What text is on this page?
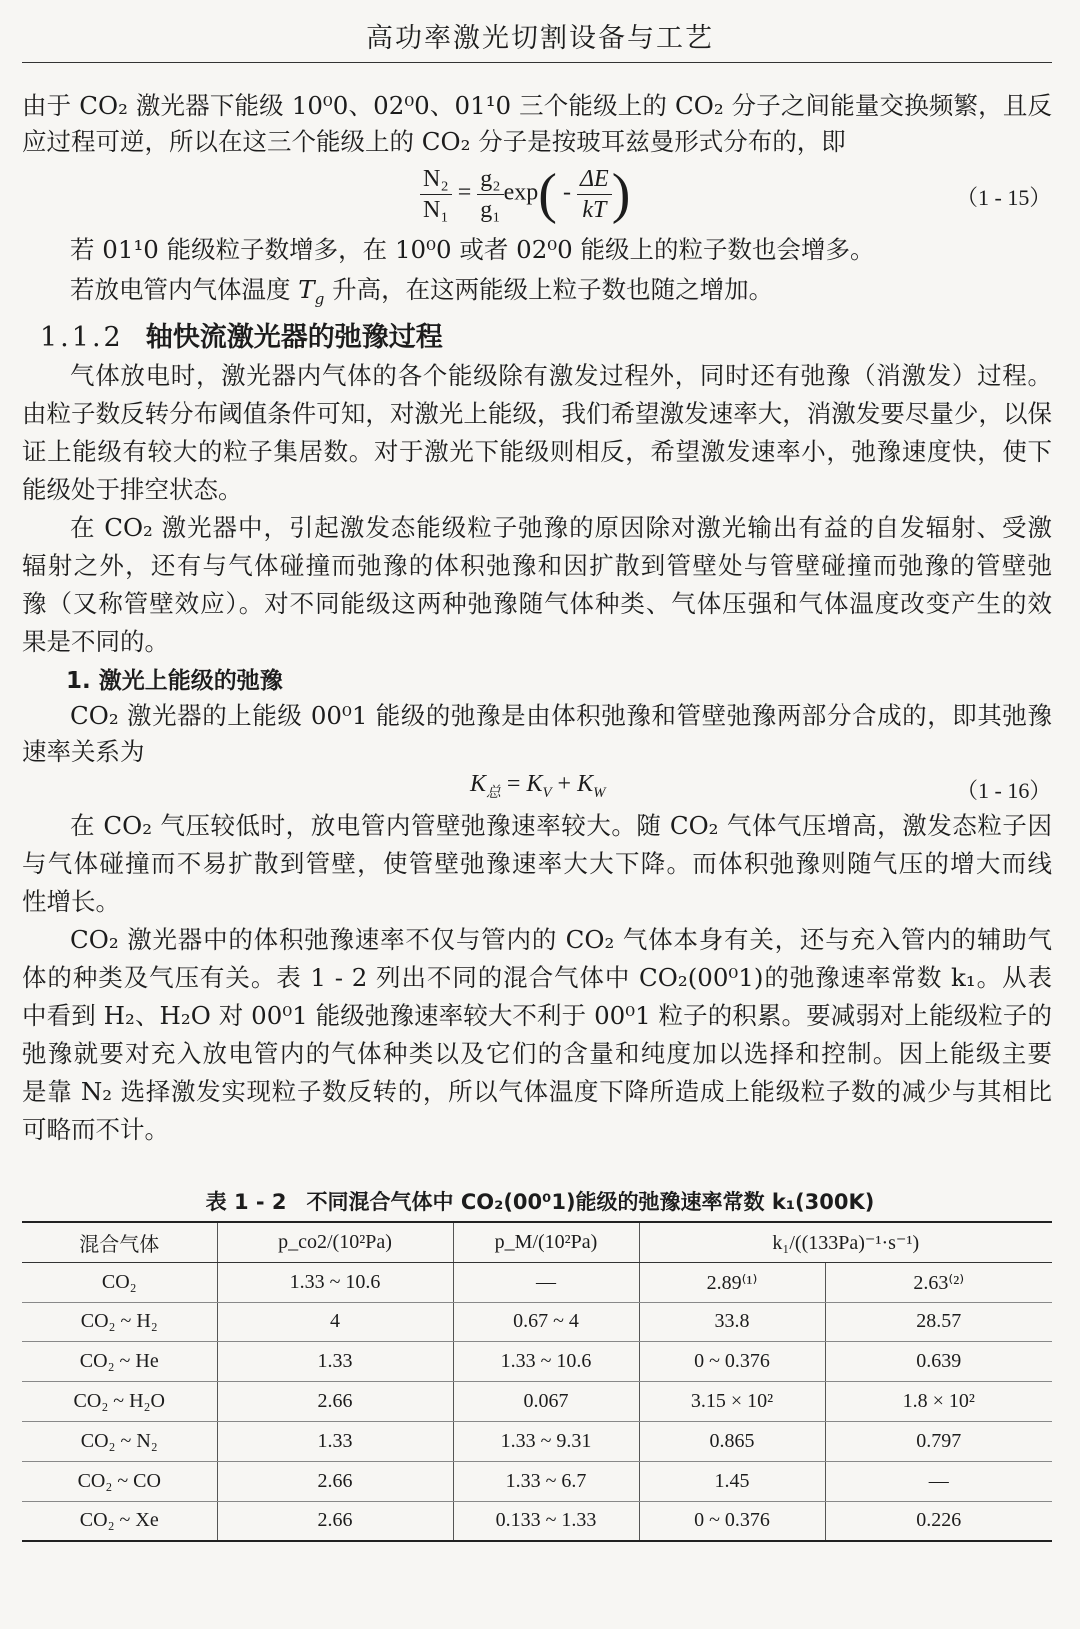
高功率激光切割设备与工艺
由于 CO₂ 激光器下能级 10⁰0、02⁰0、01¹0 三个能级上的 CO₂ 分子之间能量交换频繁，且反
应过程可逆，所以在这三个能级上的 CO₂ 分子是按玻耳兹曼形式分布的，即
$\frac{\text{N₂}}{\text{N₁}} = \frac{\text{g₂}}{\text{g₁}} \exp( - \frac{\Delta E}{kT}$ )	（1 - 15）
若 01¹0 能级粒子数增多，在 10⁰0 或者 02⁰0 能级上的粒子数也会增多。
若放电管内气体温度 $T_g$ 升高，在这两能级上粒子数也随之增加。
1.1.2 轴快流激光器的弛豫过程
气体放电时，激光器内气体的各个能级除有激发过程外，同时还有弛豫（消激发）过程。
由粒子数反转分布阈值条件可知，对激光上能级，我们希望激发速率大，消激发要尽量少，以保
证上能级有较大的粒子集居数。对于激光下能级则相反，希望激发速率小，弛豫速度快，使下
能级处于排空状态。
在 CO₂ 激光器中，引起激发态能级粒子弛豫的原因除对激光输出有益的自发辐射、受激
辐射之外，还有与气体碰撞而弛豫的体积弛豫和因扩散到管壁处与管壁碰撞而弛豫的管壁弛
豫（又称管壁效应）。对不同能级这两种弛豫随气体种类、气体压强和气体温度改变产生的效
果是不同的。
1. 激光上能级的弛豫
CO₂ 激光器的上能级 00⁰1 能级的弛豫是由体积弛豫和管壁弛豫两部分合成的，即其弛豫
速率关系为
$K_总 = K_V + K_W$	（1 - 16）
在 CO₂ 气压较低时，放电管内管壁弛豫速率较大。随 CO₂ 气体气压增高，激发态粒子因
与气体碰撞而不易扩散到管壁，使管壁弛豫速率大大下降。而体积弛豫则随气压的增大而线
性增长。
CO₂ 激光器中的体积弛豫速率不仅与管内的 CO₂ 气体本身有关，还与充入管内的辅助气
体的种类及气压有关。表 1 - 2 列出不同的混合气体中 CO₂(00⁰1)的弛豫速率常数 k₁。从表
中看到 H₂、H₂O 对 00⁰1 能级弛豫速率较大不利于 00⁰1 粒子的积累。要减弱对上能级粒子的
弛豫就要对充入放电管内的气体种类以及它们的含量和纯度加以选择和控制。因上能级主要
是靠 N₂ 选择激发实现粒子数反转的，所以气体温度下降所造成上能级粒子数的减少与其相比
可略而不计。
表 1 - 2 不同混合气体中 CO₂(00⁰1)能级的弛豫速率常数 k₁(300K)
混合气体	p_co2/(10²Pa)	p_M/(10²Pa)	k₁/((133Pa)⁻¹·s⁻¹)	
CO₂	1.33 ~ 10.6	—	2.89⁽¹⁾	2.63⁽²⁾
CO₂ ~ H₂	4	0.67 ~ 4	33.8	28.57
CO₂ ~ He	1.33	1.33 ~ 10.6	0 ~ 0.376	0.639
CO₂ ~ H₂O	2.66	0.067	3.15 × 10²	1.8 × 10²
CO₂ ~ N₂	1.33	1.33 ~ 9.31	0.865	0.797
CO₂ ~ CO	2.66	1.33 ~ 6.7	1.45	—
CO₂ ~ Xe	2.66	0.133 ~ 1.33	0 ~ 0.376	0.226
